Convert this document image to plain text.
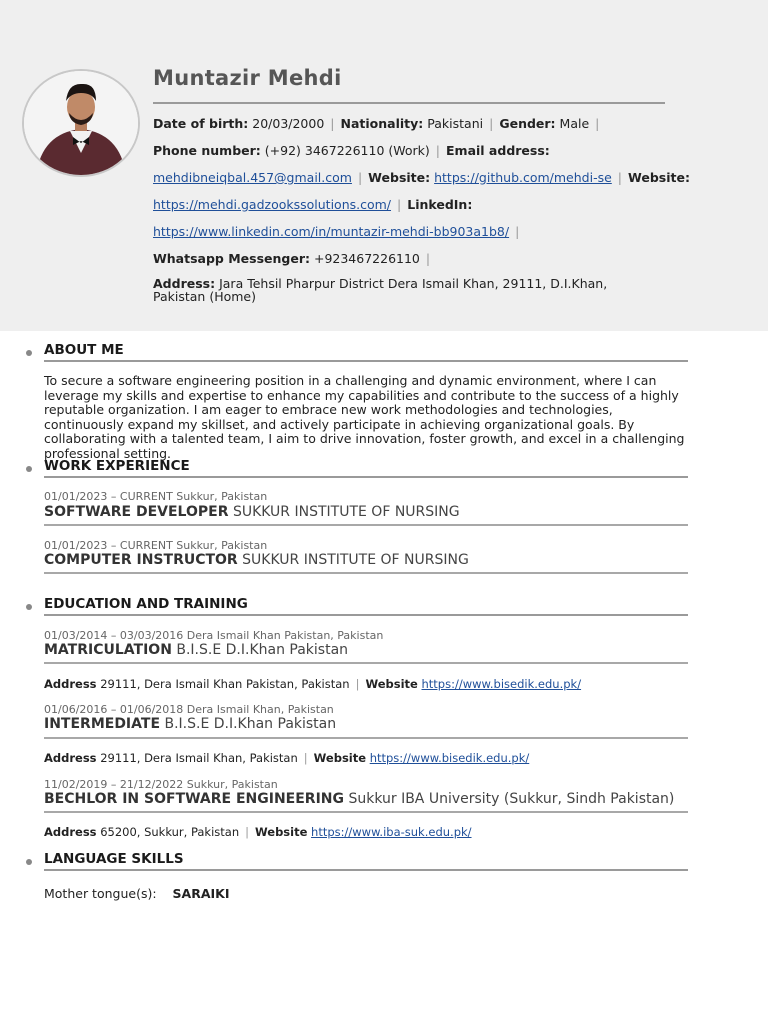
Muntazir Mehdi
Date of birth: 20/03/2000 | Nationality: Pakistani | Gender: Male |
Phone number: (+92) 3467226110 (Work) | Email address:
mehdibneiqbal.457@gmail.com | Website: https://github.com/mehdi-se | Website:
https://mehdi.gadzookssolutions.com/ | LinkedIn:
https://www.linkedin.com/in/muntazir-mehdi-bb903a1b8/ |
Whatsapp Messenger: +923467226110 |
Address: Jara Tehsil Pharpur District Dera Ismail Khan, 29111, D.I.Khan, Pakistan (Home)
ABOUT ME
To secure a software engineering position in a challenging and dynamic environment, where I can leverage my skills and expertise to enhance my capabilities and contribute to the success of a highly reputable organization. I am eager to embrace new work methodologies and technologies, continuously expand my skillset, and actively participate in achieving organizational goals. By collaborating with a talented team, I aim to drive innovation, foster growth, and excel in a challenging professional setting.
WORK EXPERIENCE
01/01/2023 – CURRENT Sukkur, Pakistan
SOFTWARE DEVELOPER SUKKUR INSTITUTE OF NURSING
01/01/2023 – CURRENT Sukkur, Pakistan
COMPUTER INSTRUCTOR SUKKUR INSTITUTE OF NURSING
EDUCATION AND TRAINING
01/03/2014 – 03/03/2016 Dera Ismail Khan Pakistan, Pakistan
MATRICULATION B.I.S.E D.I.Khan Pakistan
Address 29111, Dera Ismail Khan Pakistan, Pakistan | Website https://www.bisedik.edu.pk/
01/06/2016 – 01/06/2018 Dera Ismail Khan, Pakistan
INTERMEDIATE B.I.S.E D.I.Khan Pakistan
Address 29111, Dera Ismail Khan, Pakistan | Website https://www.bisedik.edu.pk/
11/02/2019 – 21/12/2022 Sukkur, Pakistan
BECHLOR IN SOFTWARE ENGINEERING Sukkur IBA University (Sukkur, Sindh Pakistan)
Address 65200, Sukkur, Pakistan | Website https://www.iba-suk.edu.pk/
LANGUAGE SKILLS
Mother tongue(s): SARAIKI
